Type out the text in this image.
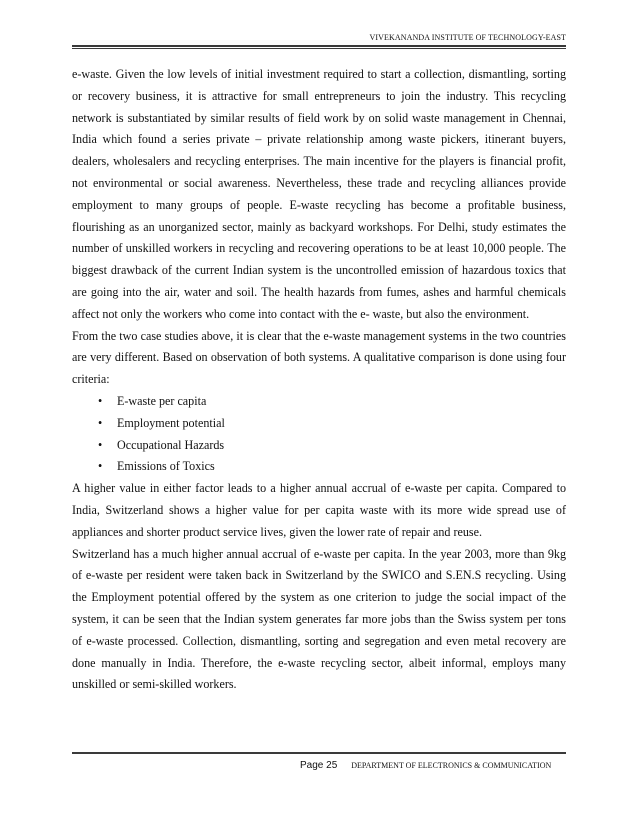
VIVEKANANDA INSTITUTE OF TECHNOLOGY-EAST

e-waste. Given the low levels of initial investment required to start a collection, dismantling, sorting or recovery business, it is attractive for small entrepreneurs to join the industry. This recycling network is substantiated by similar results of field work by on solid waste management in Chennai, India which found a series private – private relationship among waste pickers, itinerant buyers, dealers, wholesalers and recycling enterprises. The main incentive for the players is financial profit, not environmental or social awareness. Nevertheless, these trade and recycling alliances provide employment to many groups of people. E-waste recycling has become a profitable business, flourishing as an unorganized sector, mainly as backyard workshops. For Delhi, study estimates the number of unskilled workers in recycling and recovering operations to be at least 10,000 people. The biggest drawback of the current Indian system is the uncontrolled emission of hazardous toxics that are going into the air, water and soil. The health hazards from fumes, ashes and harmful chemicals affect not only the workers who come into contact with the e- waste, but also the environment.

From the two case studies above, it is clear that the e-waste management systems in the two countries are very different. Based on observation of both systems. A qualitative comparison is done using four criteria:

• E-waste per capita
• Employment potential
• Occupational Hazards
• Emissions of Toxics

A higher value in either factor leads to a higher annual accrual of e-waste per capita. Compared to India, Switzerland shows a higher value for per capita waste with its more wide spread use of appliances and shorter product service lives, given the lower rate of repair and reuse.

Switzerland has a much higher annual accrual of e-waste per capita. In the year 2003, more than 9kg of e-waste per resident were taken back in Switzerland by the SWICO and S.EN.S recycling. Using the Employment potential offered by the system as one criterion to judge the social impact of the system, it can be seen that the Indian system generates far more jobs than the Swiss system per tons of e-waste processed. Collection, dismantling, sorting and segregation and even metal recovery are done manually in India. Therefore, the e-waste recycling sector, albeit informal, employs many unskilled or semi-skilled workers.

Page 25 DEPARTMENT OF ELECTRONICS & COMMUNICATION
